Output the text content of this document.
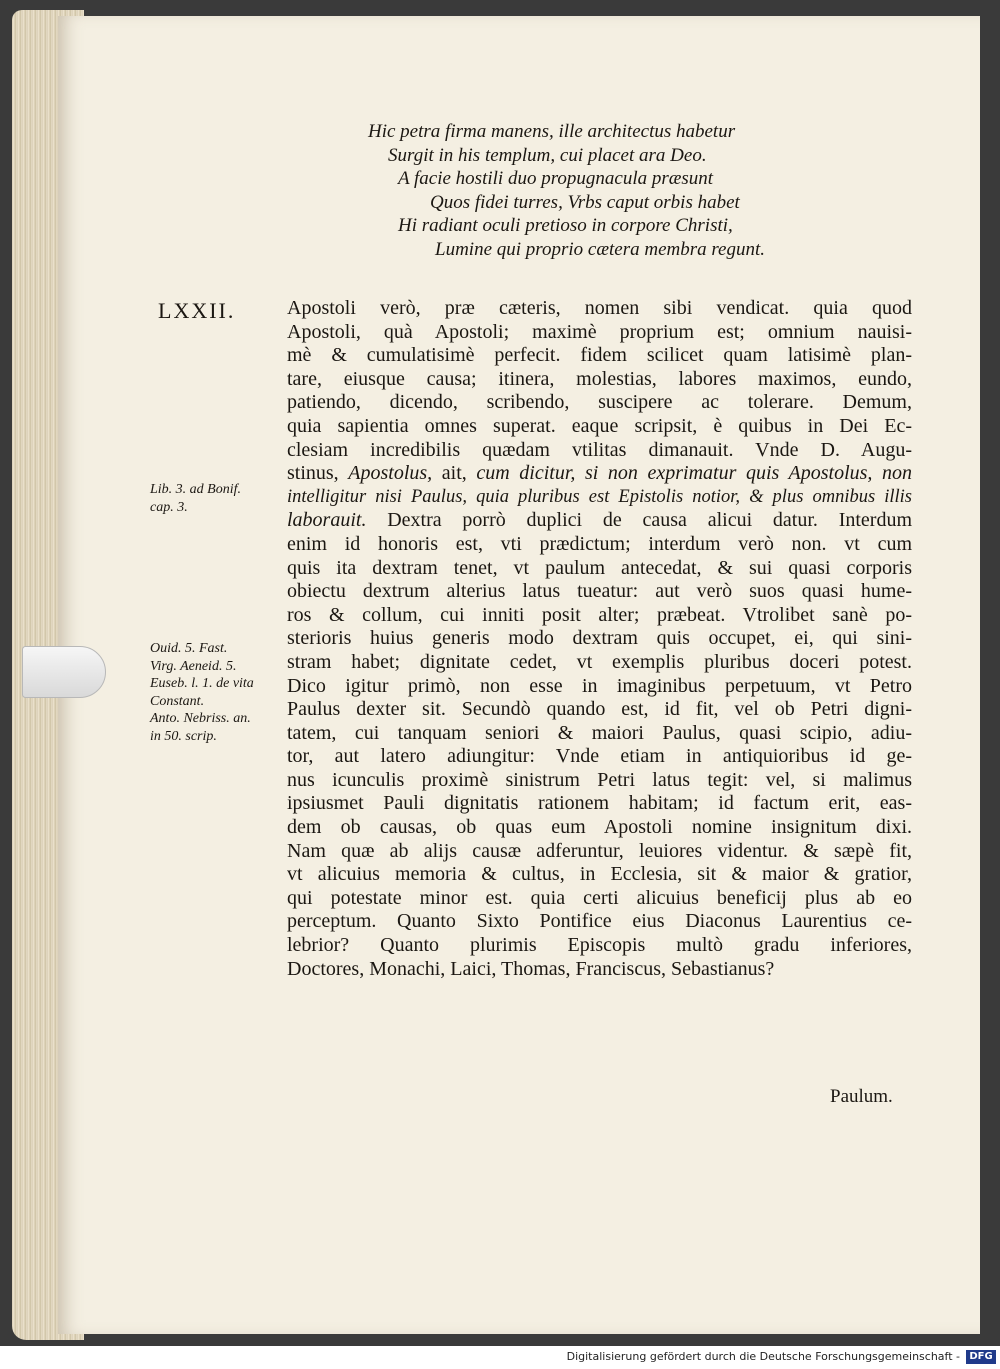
Hic petra firma manens, ille architectus habetur
Surgit in his templum, cui placet ara Deo.
A facie hostili duo propugnacula præsunt
Quos fidei turres, Vrbs caput orbis habet
Hi radiant oculi pretioso in corpore Christi,
Lumine qui proprio cætera membra regunt.
LXXII.	Apostoli verò, præ cæteris, nomen sibi vendicat. quia quod
Apostoli, quà Apostoli; maximè proprium est; omnium nauisi-
mè & cumulatisimè perfecit. fidem scilicet quam latisimè plan-
tare, eiusque causa; itinera, molestias, labores maximos, eundo,
patiendo, dicendo, scribendo, suscipere ac tolerare. Demum,
quia sapientia omnes superat. eaque scripsit, è quibus in Dei Ec-
clesiam incredibilis quædam vtilitas dimanauit. Vnde D. Augu-
stinus, Apostolus, ait, cum dicitur, si non exprimatur quis Apostolus, non
intelligitur nisi Paulus, quia pluribus est Epistolis notior, & plus omnibus illis
laborauit. Dextra porrò duplici de causa alicui datur. Interdum
enim id honoris est, vti prædictum; interdum verò non. vt cum
quis ita dextram tenet, vt paulum antecedat, & sui quasi corporis
obiectu dextrum alterius latus tueatur: aut verò suos quasi hume-
ros & collum, cui inniti posit alter; præbeat. Vtrolibet sanè po-
sterioris huius generis modo dextram quis occupet, ei, qui sini-
stram habet; dignitate cedet, vt exemplis pluribus doceri potest.
Dico igitur primò, non esse in imaginibus perpetuum, vt Petro
Paulus dexter sit. Secundò quando est, id fit, vel ob Petri digni-
tatem, cui tanquam seniori & maiori Paulus, quasi scipio, adiu-
tor, aut latero adiungitur: Vnde etiam in antiquioribus id ge-
nus icunculis proximè sinistrum Petri latus tegit: vel, si malimus
ipsiusmet Pauli dignitatis rationem habitam; id factum erit, eas-
dem ob causas, ob quas eum Apostoli nomine insignitum dixi.
Nam quæ ab alijs causæ adferuntur, leuiores videntur. & sæpè fit,
vt alicuius memoria & cultus, in Ecclesia, sit & maior & gratior,
qui potestate minor est. quia certi alicuius beneficij plus ab eo
perceptum. Quanto Sixto Pontifice eius Diaconus Laurentius ce-
lebrior? Quanto plurimis Episcopis multò gradu inferiores,
Doctores, Monachi, Laici, Thomas, Franciscus, Sebastianus?
Lib. 3. ad Bonif.
cap. 3.
Ouid. 5. Fast.
Virg. Aeneid. 5.
Euseb. l. 1. de vita
Constant.
Anto. Nebriss. an.
in 50. scrip.
Paulum.
Digitalisierung gefördert durch die Deutsche Forschungsgemeinschaft - DFG
